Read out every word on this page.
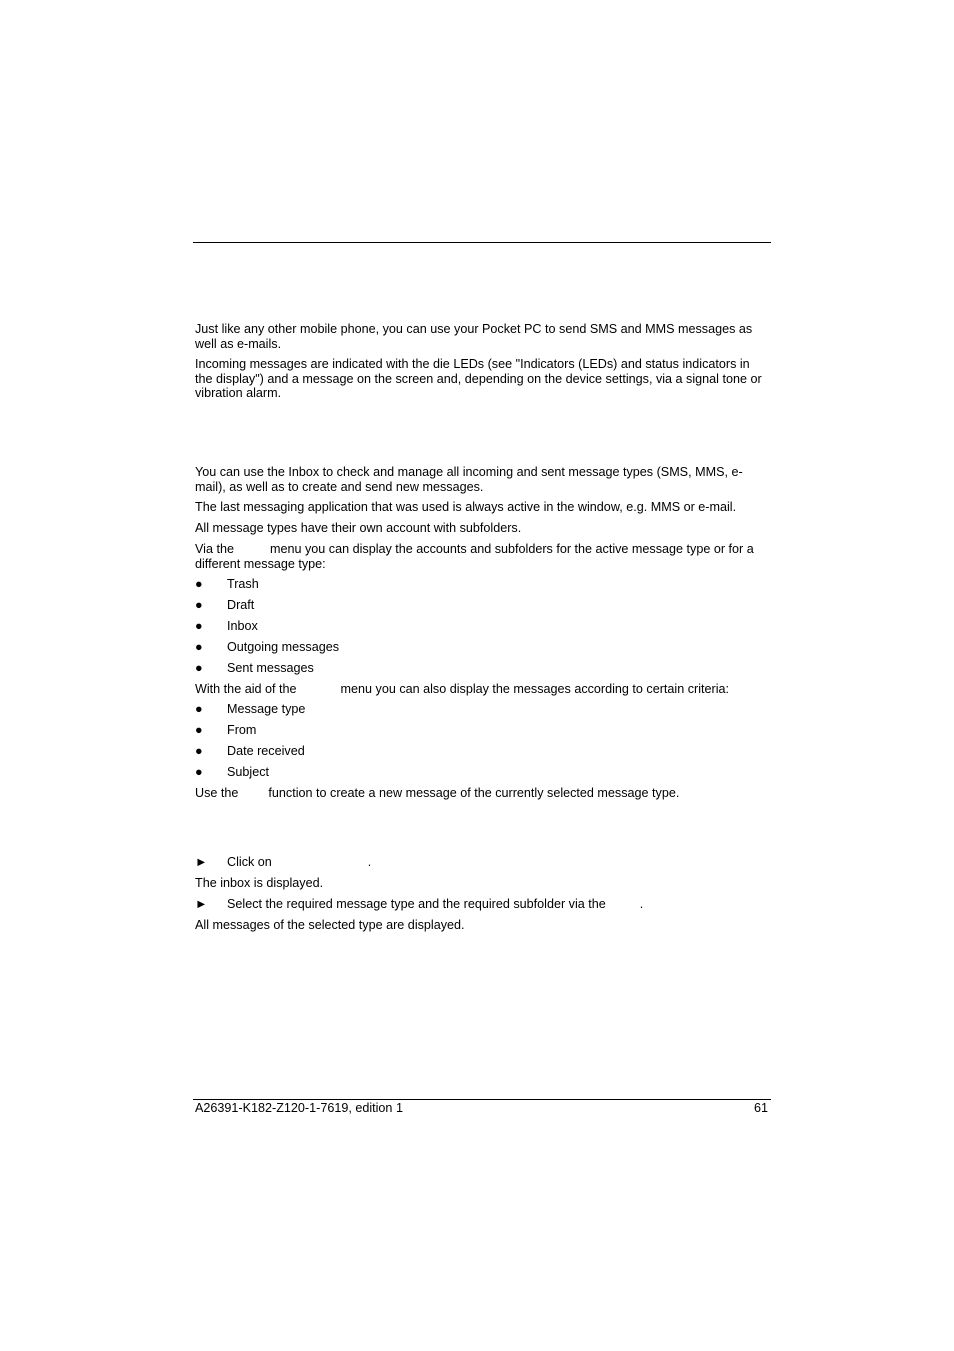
Just like any other mobile phone, you can use your Pocket PC to send SMS and MMS messages as well as e-mails.

Incoming messages are indicated with the die LEDs (see "Indicators (LEDs) and status indicators in the display") and a message on the screen and, depending on the device settings, via a signal tone or vibration alarm.

You can use the Inbox to check and manage all incoming and sent message types (SMS, MMS, e-mail), as well as to create and send new messages.

The last messaging application that was used is always active in the window, e.g. MMS or e-mail.

All message types have their own account with subfolders.

Via the	menu you can display the accounts and subfolders for the active message type or for a different message type:

● Trash
● Draft
● Inbox
● Outgoing messages
● Sent messages

With the aid of the	menu you can also display the messages according to certain criteria:

● Message type
● From
● Date received
● Subject

Use the function to create a new message of the currently selected message type.

► Click on	.

The inbox is displayed.

► Select the required message type and the required subfolder via the	.

All messages of the selected type are displayed.

A26391-K182-Z120-1-7619, edition 1	61
